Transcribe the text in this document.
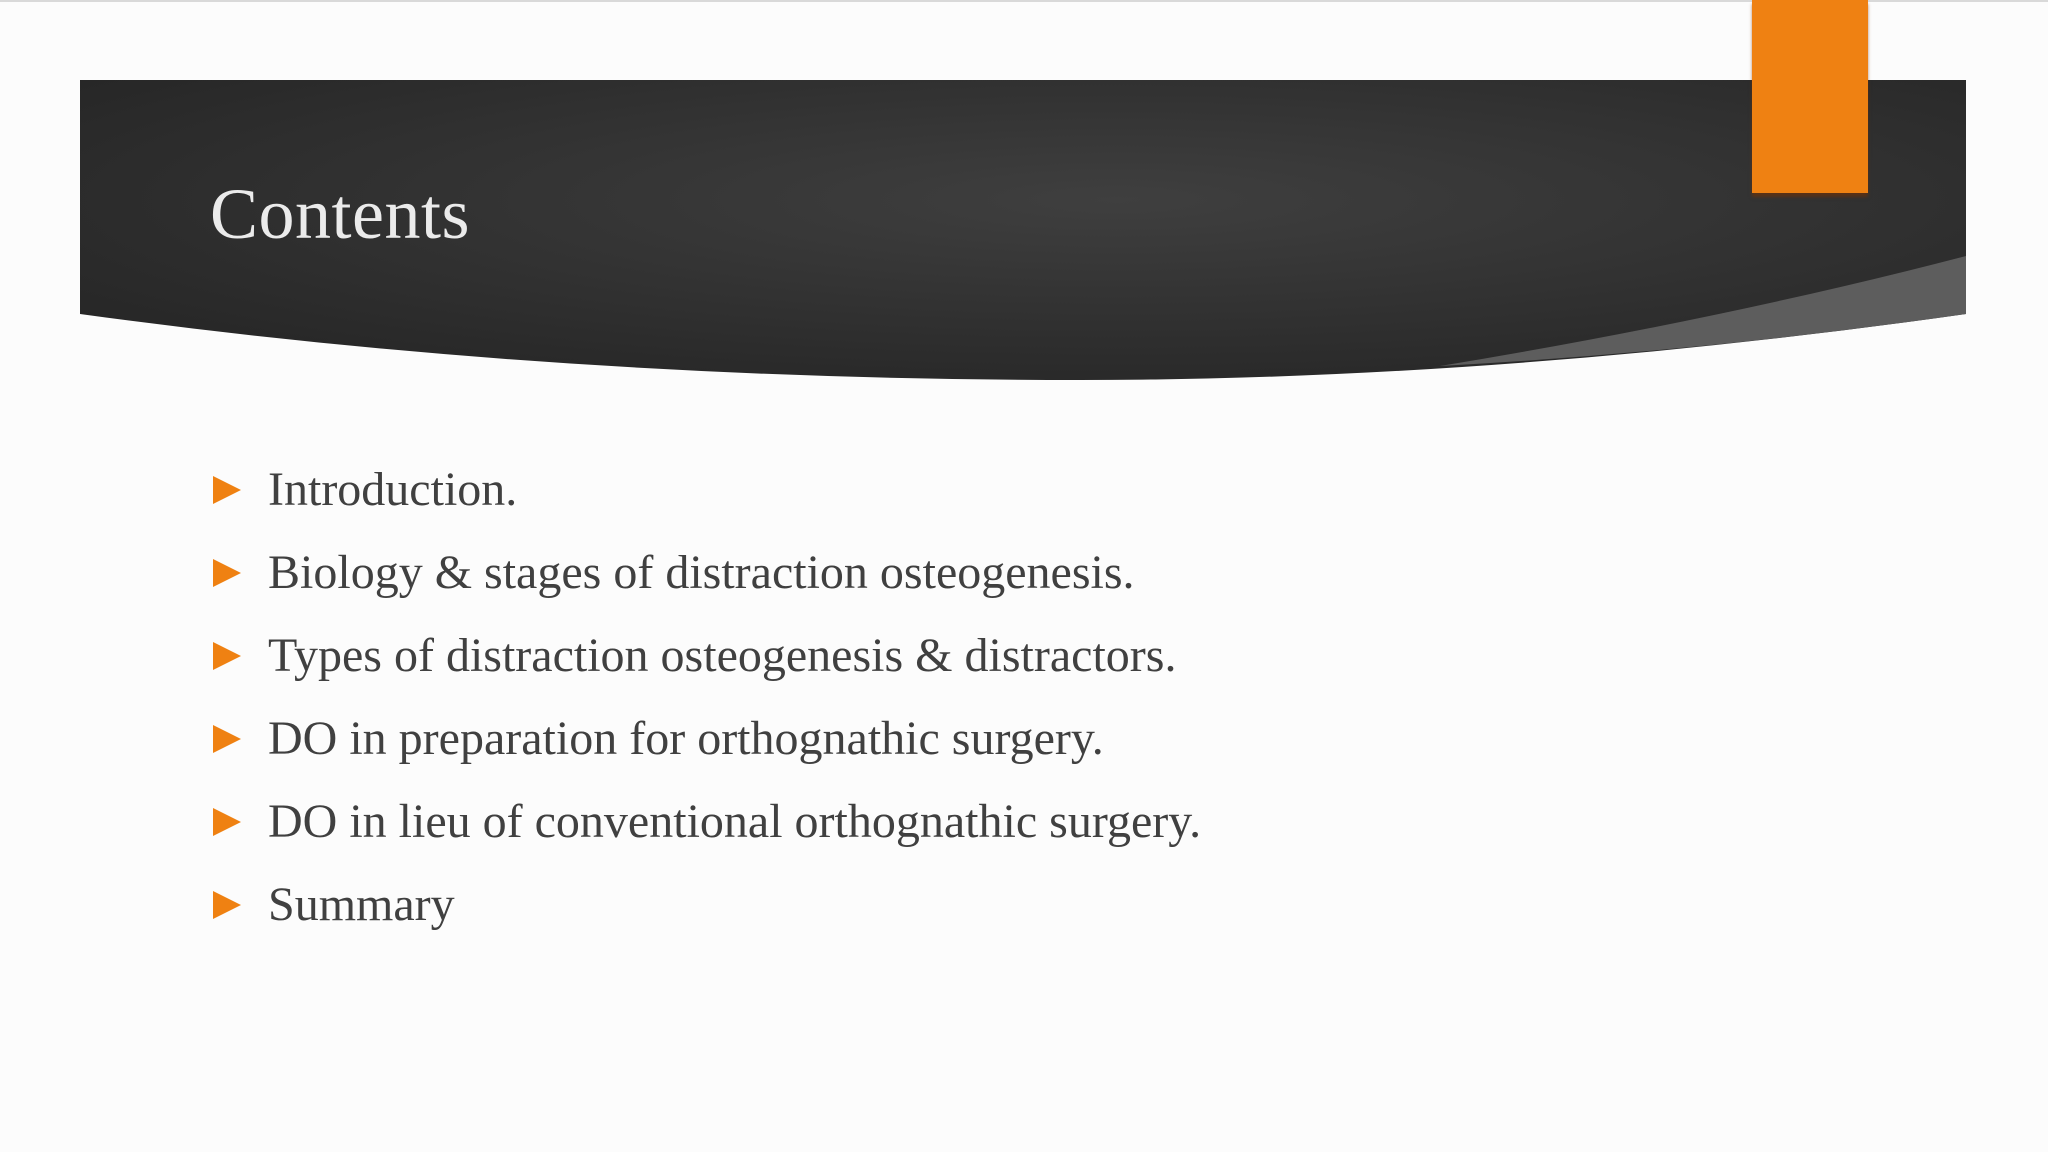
Contents
Introduction.
Biology & stages of distraction osteogenesis.
Types of distraction osteogenesis & distractors.
DO in preparation for orthognathic surgery.
DO in lieu of conventional orthognathic surgery.
Summary
